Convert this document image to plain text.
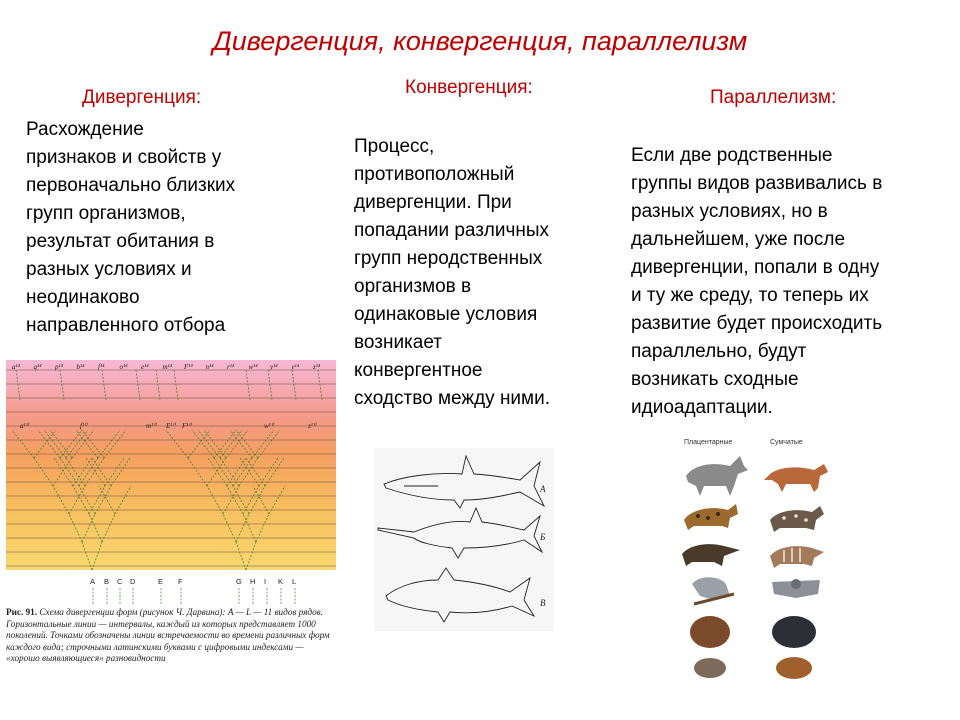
Дивергенция, конвергенция, параллелизм
Дивергенция:	Конвергенция:	Параллелизм:
Расхождение
признаков и свойств у
первоначально близких
групп организмов,
результат обитания в
разных условиях и
неодинаково
направленного отбора
Процесс,
противоположный
дивергенции. При
попадании различных
групп неродственных
организмов в
одинаковые условия
возникает
конвергентное
сходство между ними.
Если две родственные
группы видов развивались в
разных условиях, но в
дальнейшем, уже после
дивергенции, попали в одну
и ту же среду, то теперь их
развитие будет происходить
параллельно, будут
возникать сходные
идиоадаптации.
a¹⁴ q¹⁴ p¹⁴ b¹⁴ f¹⁴ o¹⁴ e¹⁴ m¹⁴ F¹⁴ n¹⁴ r¹⁴ w¹⁴ y¹⁴ v¹⁴ z¹⁴
a¹⁰	f¹⁰	m¹⁰ E¹⁰ F¹⁰	w¹⁰	z¹⁰
A B C D	E F	G H I K L
Рис. 91. Схема дивергенции форм (рисунок Ч. Дарвина): A — L — 11 видов рядов. Горизонтальные линии — интервалы, каждый из которых представляет 1000 поколений. Точками обозначены линии встречаемости во времени различных форм каждого вида; строчными латинскими буквами с цифровыми индексами — «хорошо выявляющиеся» разновидности
А
Б
В
Плацентарные	Сумчатые
